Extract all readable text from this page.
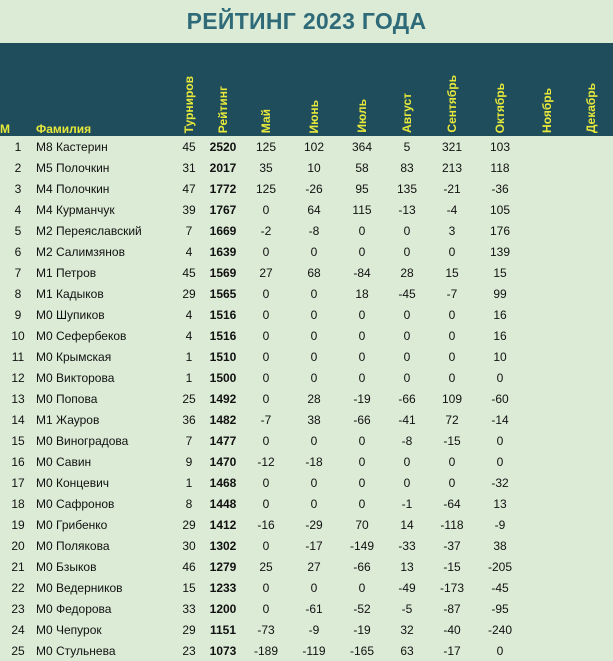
РЕЙТИНГ 2023 ГОДА
М	Фамилия	Турниров	Рейтинг	Май	Июнь	Июль	Август	Сентябрь	Октябрь	Ноябрь	Декабрь
1	М8 Кастерин	45	2520	125	102	364	5	321	103		
2	М5 Полочкин	31	2017	35	10	58	83	213	118		
3	М4 Полочкин	47	1772	125	-26	95	135	-21	-36		
4	М4 Курманчук	39	1767	0	64	115	-13	-4	105		
5	М2 Переяславский	7	1669	-2	-8	0	0	3	176		
6	М2 Салимзянов	4	1639	0	0	0	0	0	139		
7	М1 Петров	45	1569	27	68	-84	28	15	15		
8	М1 Кадыков	29	1565	0	0	18	-45	-7	99		
9	М0 Шупиков	4	1516	0	0	0	0	0	16		
10	М0 Сефербеков	4	1516	0	0	0	0	0	16		
11	М0 Крымская	1	1510	0	0	0	0	0	10		
12	М0 Викторова	1	1500	0	0	0	0	0	0		
13	М0 Попова	25	1492	0	28	-19	-66	109	-60		
14	М1 Жауров	36	1482	-7	38	-66	-41	72	-14		
15	М0 Виноградова	7	1477	0	0	0	-8	-15	0		
16	М0 Савин	9	1470	-12	-18	0	0	0	0		
17	М0 Концевич	1	1468	0	0	0	0	0	-32		
18	М0 Сафронов	8	1448	0	0	0	-1	-64	13		
19	М0 Грибенко	29	1412	-16	-29	70	14	-118	-9		
20	М0 Полякова	30	1302	0	-17	-149	-33	-37	38		
21	М0 Бзыков	46	1279	25	27	-66	13	-15	-205		
22	М0 Ведерников	15	1233	0	0	0	-49	-173	-45		
23	М0 Федорова	33	1200	0	-61	-52	-5	-87	-95		
24	М0 Чепурок	29	1151	-73	-9	-19	32	-40	-240		
25	М0 Стульнева	23	1073	-189	-119	-165	63	-17	0		
